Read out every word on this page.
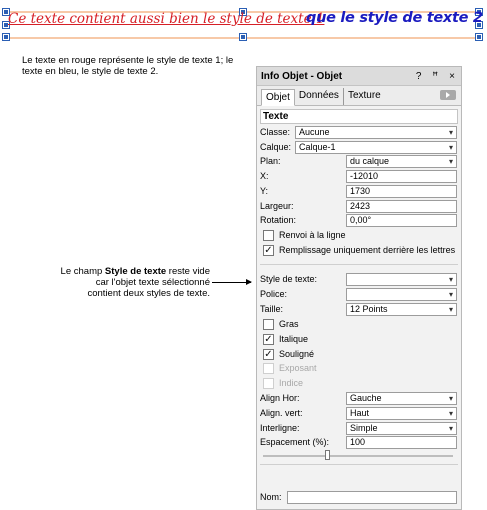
Ce texte contient aussi bien le style de texte 1
que le style de texte 2
Le texte en rouge représente le style de texte 1; le texte en bleu, le style de texte 2.
Le champ Style de texte reste vide car l'objet texte sélectionné contient deux styles de texte.
Info Objet - Objet	? ꟸ ×
Objet Données Texture
Texte
Classe: Aucune ▾
Calque: Calque-1 ▾
Plan:	du calque ▾
X:	-12010
Y:	1730
Largeur:	2423
Rotation:	0,00°
Renvoi à la ligne
✓ Remplissage uniquement derrière les lettres
Style de texte:
▾
Police:
▾
Taille:	12 Points ▾
Gras
✓ Italique
✓ Souligné
Exposant
Indice
Align Hor:	Gauche ▾
Align. vert:	Haut ▾
Interligne:	Simple ▾
Espacement (%):	100
Nom:
